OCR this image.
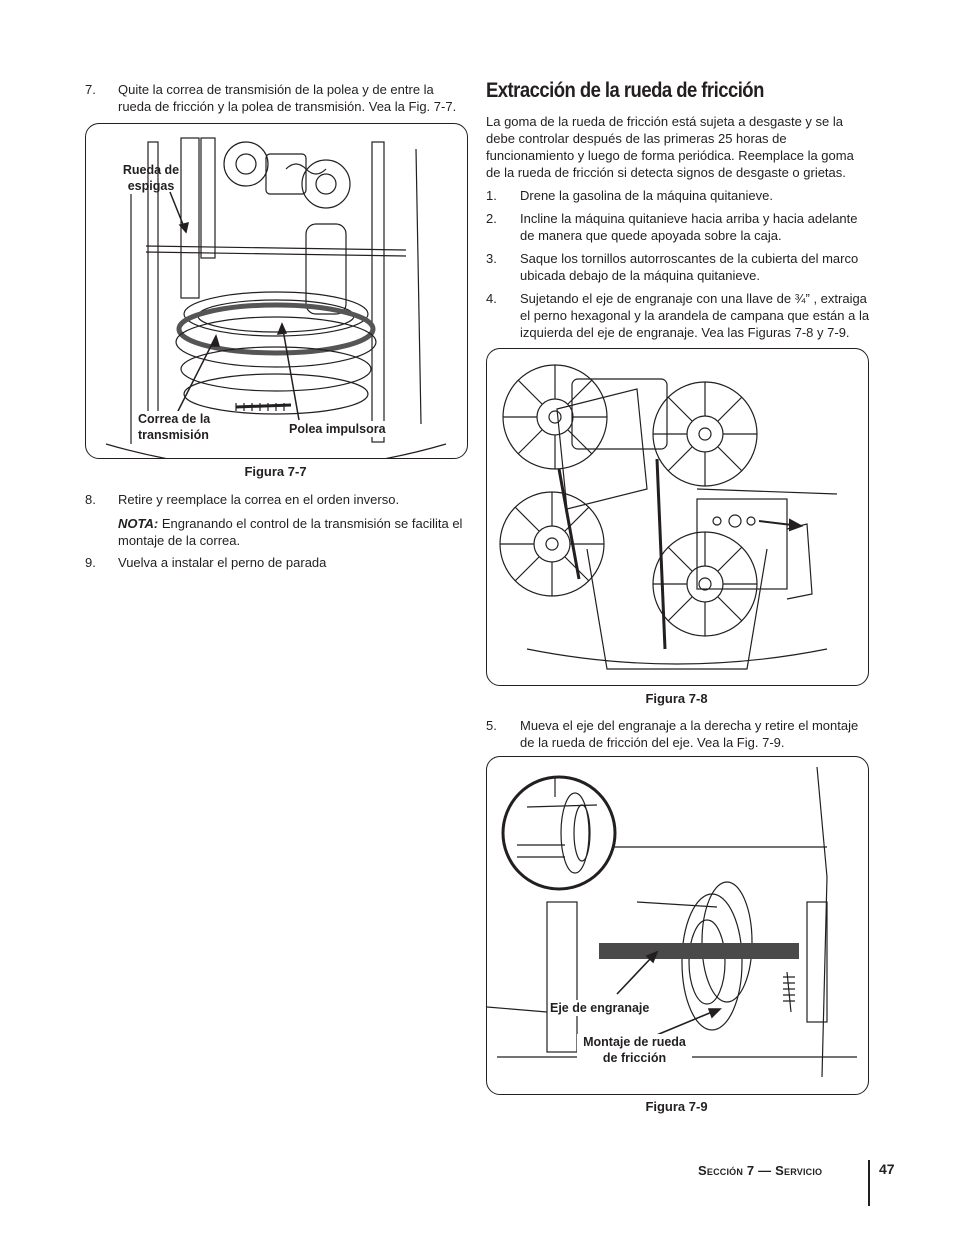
7. Quite la correa de transmisión de la polea y de entre la rueda de fricción y la polea de transmisión. Vea la Fig. 7-7.
Rueda de espigas
Correa de la transmisión	Polea impulsora
Figura 7-7
8. Retire y reemplace la correa en el orden inverso.
NOTA: Engranando el control de la transmisión se facilita el montaje de la correa.
9. Vuelva a instalar el perno de parada
Extracción de la rueda de fricción
La goma de la rueda de fricción está sujeta a desgaste y se la debe controlar después de las primeras 25 horas de funcionamiento y luego de forma periódica. Reemplace la goma de la rueda de fricción si detecta signos de desgaste o grietas.
1. Drene la gasolina de la máquina quitanieve.
2. Incline la máquina quitanieve hacia arriba y hacia adelante de manera que quede apoyada sobre la caja.
3. Saque los tornillos autorroscantes de la cubierta del marco ubicada debajo de la máquina quitanieve.
4. Sujetando el eje de engranaje con una llave de ¾” , extraiga el perno hexagonal y la arandela de campana que están a la izquierda del eje de engranaje. Vea las Figuras 7-8 y 7-9.
Figura 7-8
5. Mueva el eje del engranaje a la derecha y retire el montaje de la rueda de fricción del eje. Vea la Fig. 7-9.
Eje de engranaje
Montaje de rueda de fricción
Figura 7-9
Sección 7 — Servicio	47
